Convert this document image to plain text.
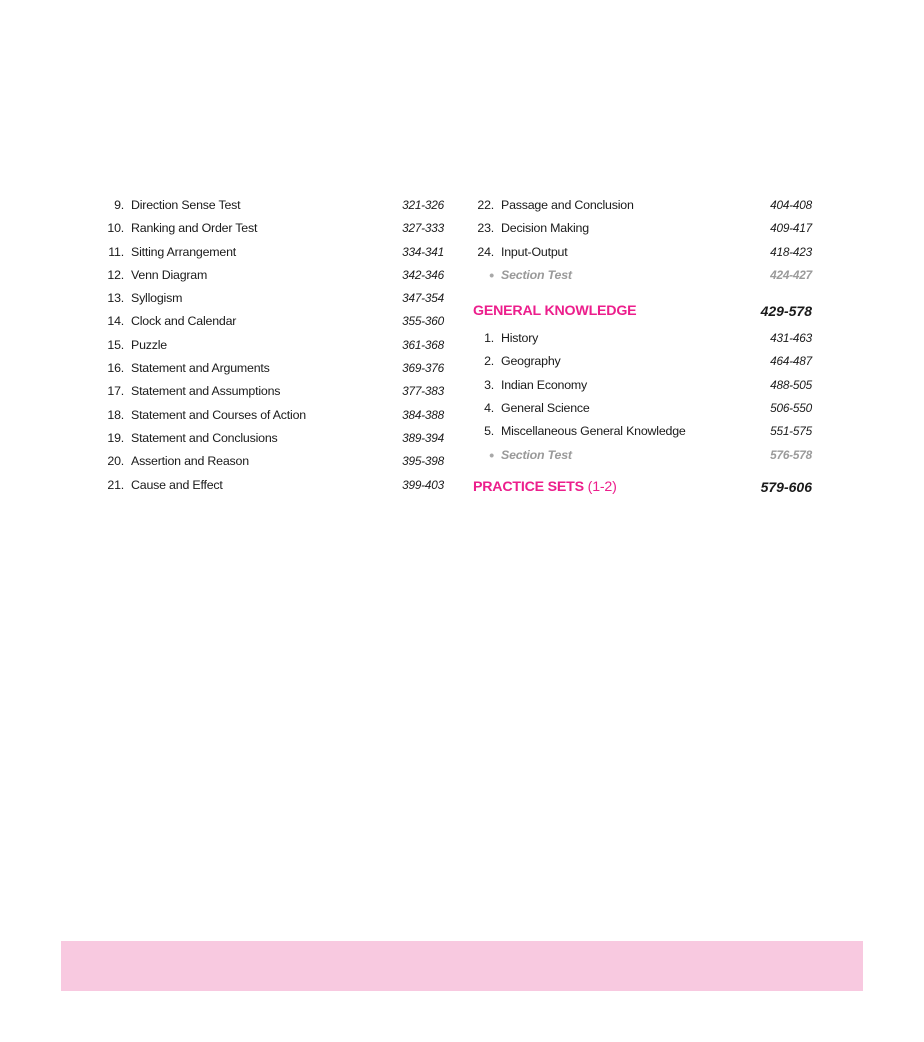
9. Direction Sense Test	321-326
10. Ranking and Order Test	327-333
11. Sitting Arrangement	334-341
12. Venn Diagram	342-346
13. Syllogism	347-354
14. Clock and Calendar	355-360
15. Puzzle	361-368
16. Statement and Arguments	369-376
17. Statement and Assumptions	377-383
18. Statement and Courses of Action	384-388
19. Statement and Conclusions	389-394
20. Assertion and Reason	395-398
21. Cause and Effect	399-403
22. Passage and Conclusion	404-408
23. Decision Making	409-417
24. Input-Output	418-423
• Section Test	424-427
GENERAL KNOWLEDGE	429-578
1. History	431-463
2. Geography	464-487
3. Indian Economy	488-505
4. General Science	506-550
5. Miscellaneous General Knowledge	551-575
• Section Test	576-578
PRACTICE SETS (1-2)	579-606
